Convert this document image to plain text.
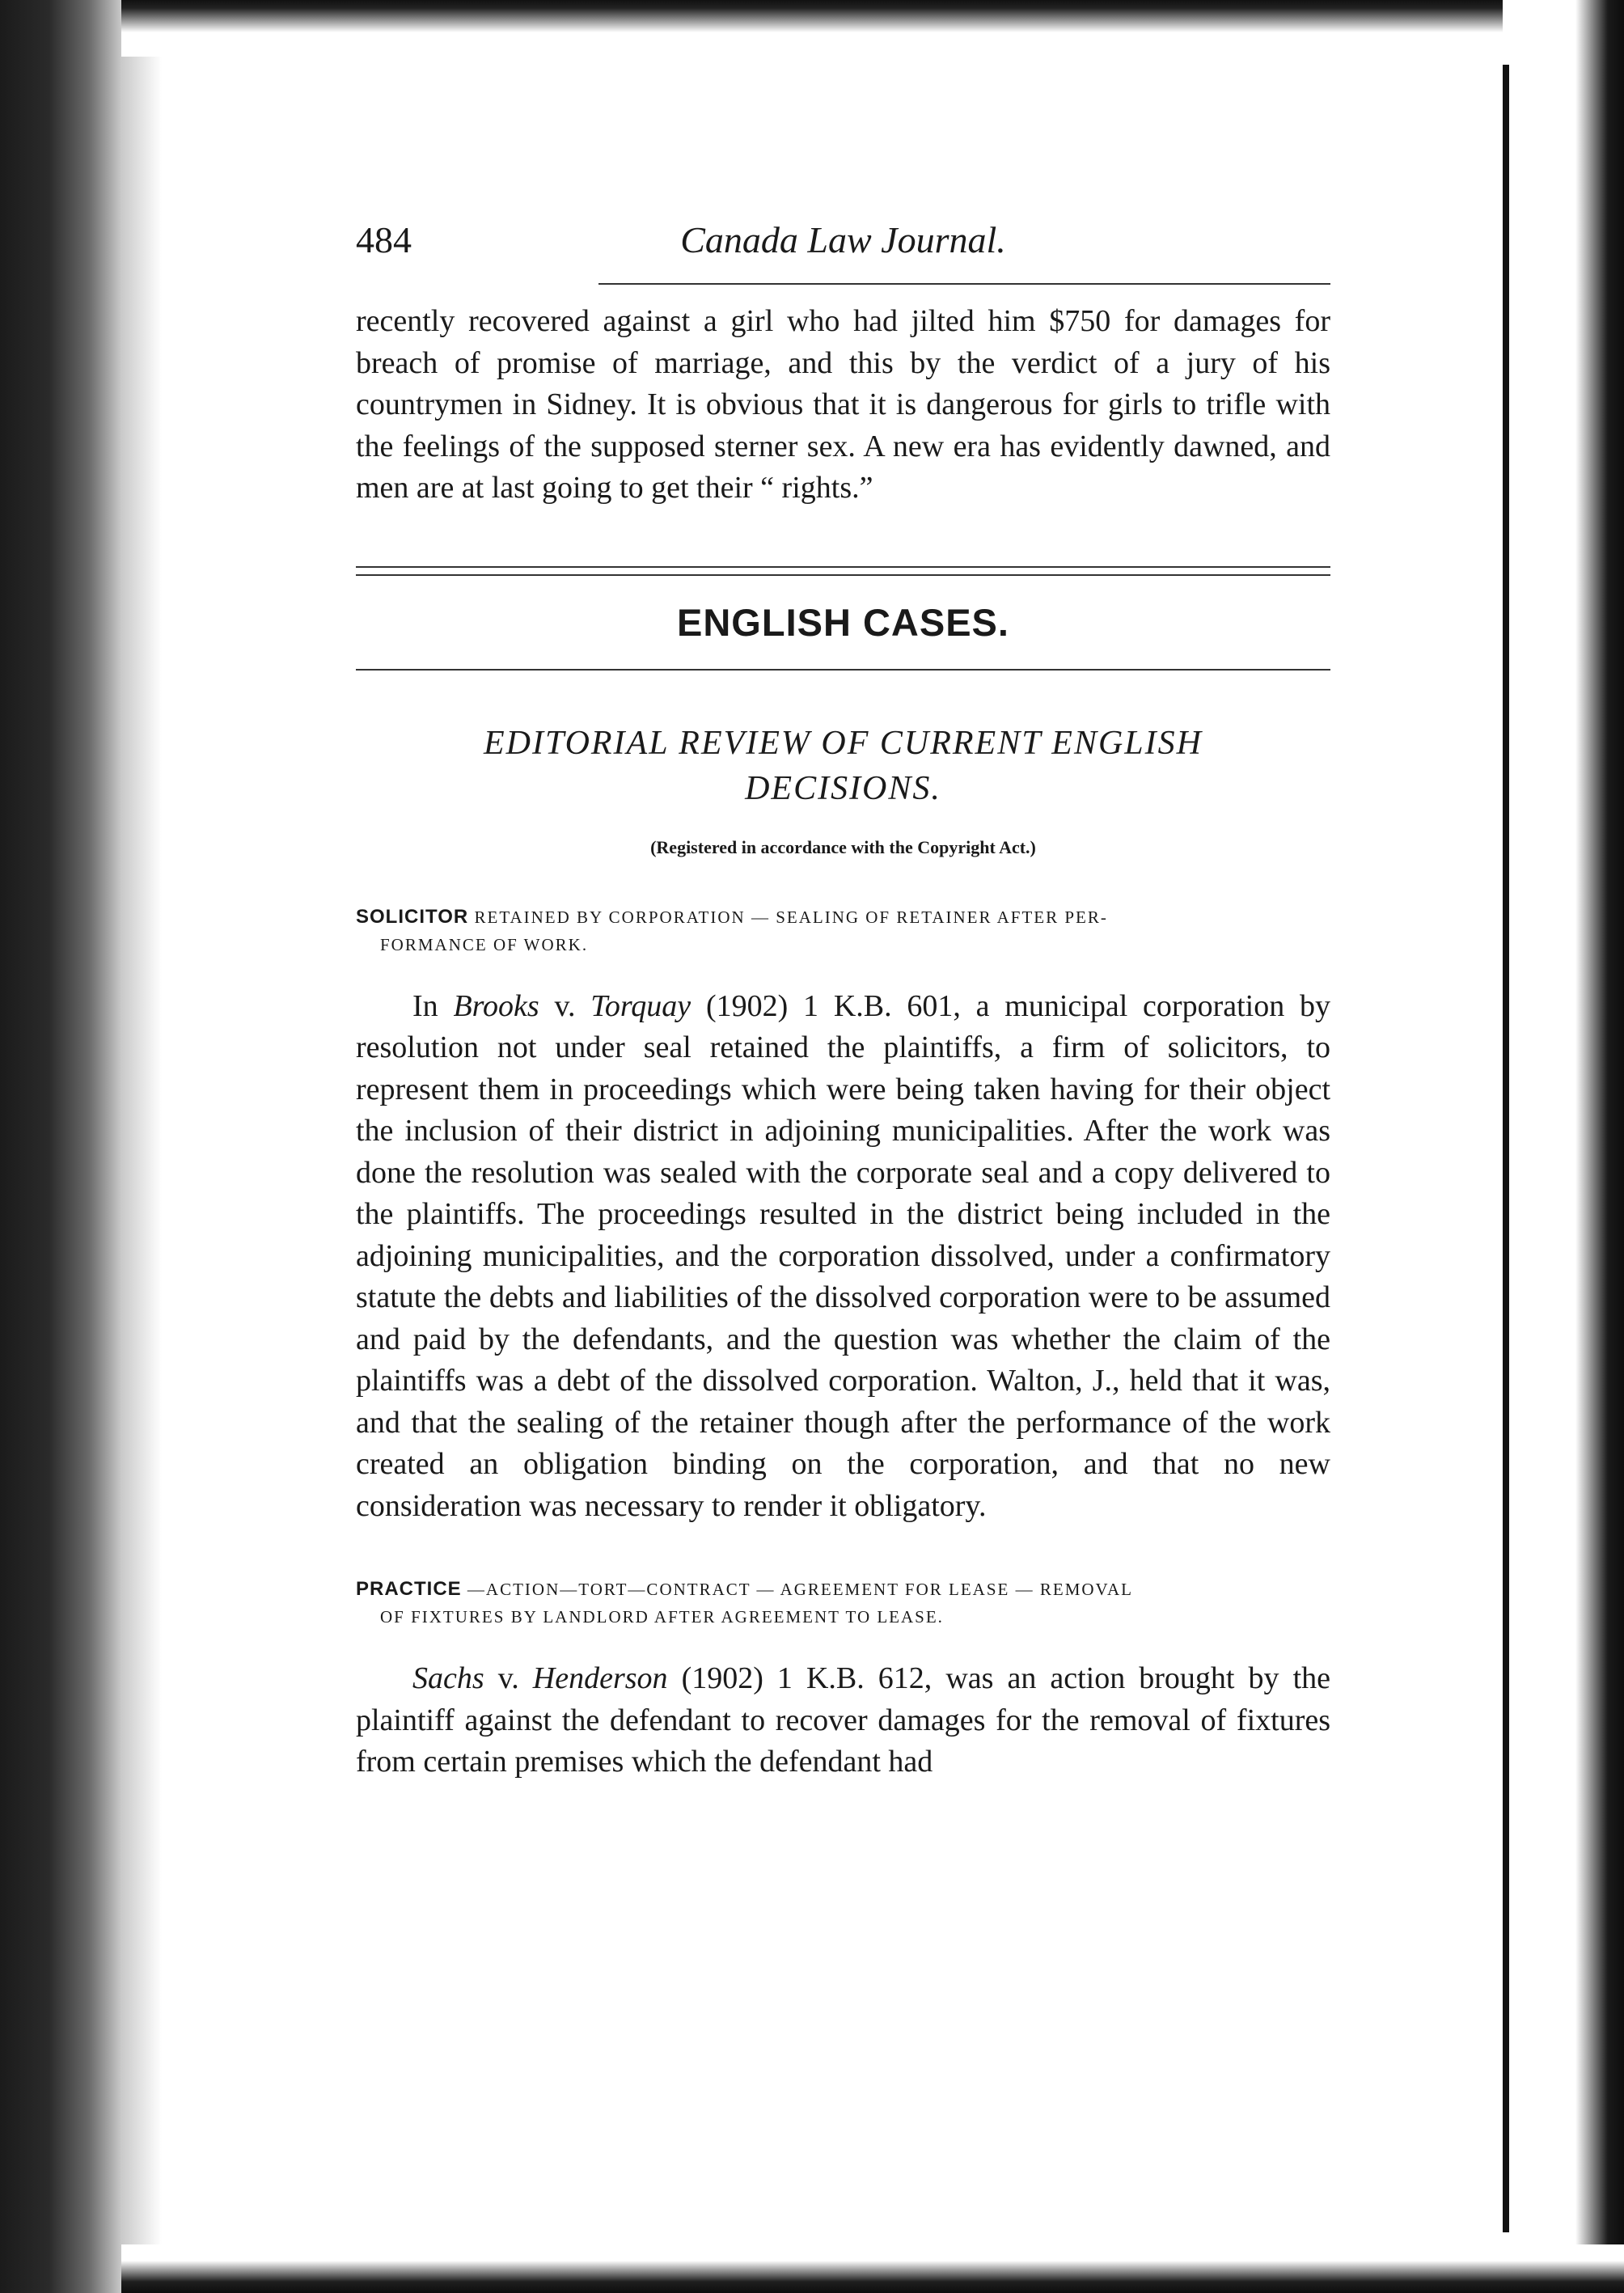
484	Canada Law Journal.

recently recovered against a girl who had jilted him $750 for damages for breach of promise of marriage, and this by the verdict of a jury of his countrymen in Sidney. It is obvious that it is dangerous for girls to trifle with the feelings of the supposed sterner sex. A new era has evidently dawned, and men are at last going to get their “ rights.”

ENGLISH CASES.
EDITORIAL REVIEW OF CURRENT ENGLISH DECISIONS.
(Registered in accordance with the Copyright Act.)
SOLICITOR RETAINED BY CORPORATION — SEALING OF RETAINER AFTER PER-
FORMANCE OF WORK.

In Brooks v. Torquay (1902) 1 K.B. 601, a municipal corporation by resolution not under seal retained the plaintiffs, a firm of solicitors, to represent them in proceedings which were being taken having for their object the inclusion of their district in adjoining municipalities. After the work was done the resolution was sealed with the corporate seal and a copy delivered to the plaintiffs. The proceedings resulted in the district being included in the adjoining municipalities, and the corporation dissolved, under a confirmatory statute the debts and liabilities of the dissolved corporation were to be assumed and paid by the defendants, and the question was whether the claim of the plaintiffs was a debt of the dissolved corporation. Walton, J., held that it was, and that the sealing of the retainer though after the performance of the work created an obligation binding on the corporation, and that no new consideration was necessary to render it obligatory.

PRACTICE —ACTION—TORT—CONTRACT — AGREEMENT FOR LEASE — REMOVAL
OF FIXTURES BY LANDLORD AFTER AGREEMENT TO LEASE.

Sachs v. Henderson (1902) 1 K.B. 612, was an action brought by the plaintiff against the defendant to recover damages for the removal of fixtures from certain premises which the defendant had
